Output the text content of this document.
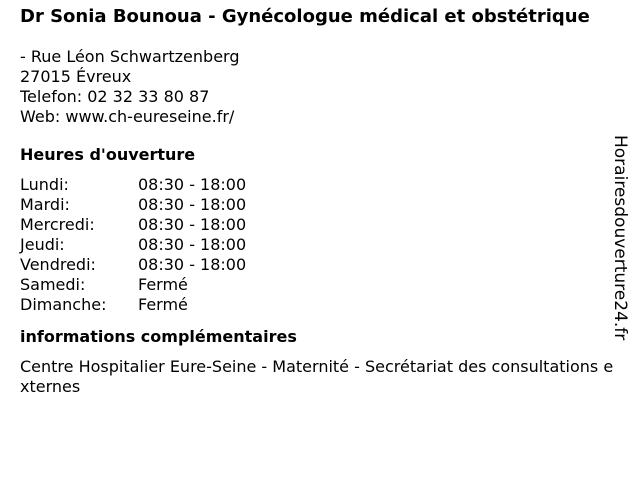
Dr Sonia Bounoua - Gynécologue médical et obstétrique
- Rue Léon Schwartzenberg
27015 Évreux
Telefon: 02 32 33 80 87
Web: www.ch-eureseine.fr/
Heures d'ouverture
Lundi:	08:30 - 18:00
Mardi:	08:30 - 18:00
Mercredi:	08:30 - 18:00
Jeudi:	08:30 - 18:00
Vendredi:	08:30 - 18:00
Samedi:	Fermé
Dimanche:	Fermé
informations complémentaires
Centre Hospitalier Eure-Seine - Maternité - Secrétariat des consultations externes
Horairesdouverture24.fr
